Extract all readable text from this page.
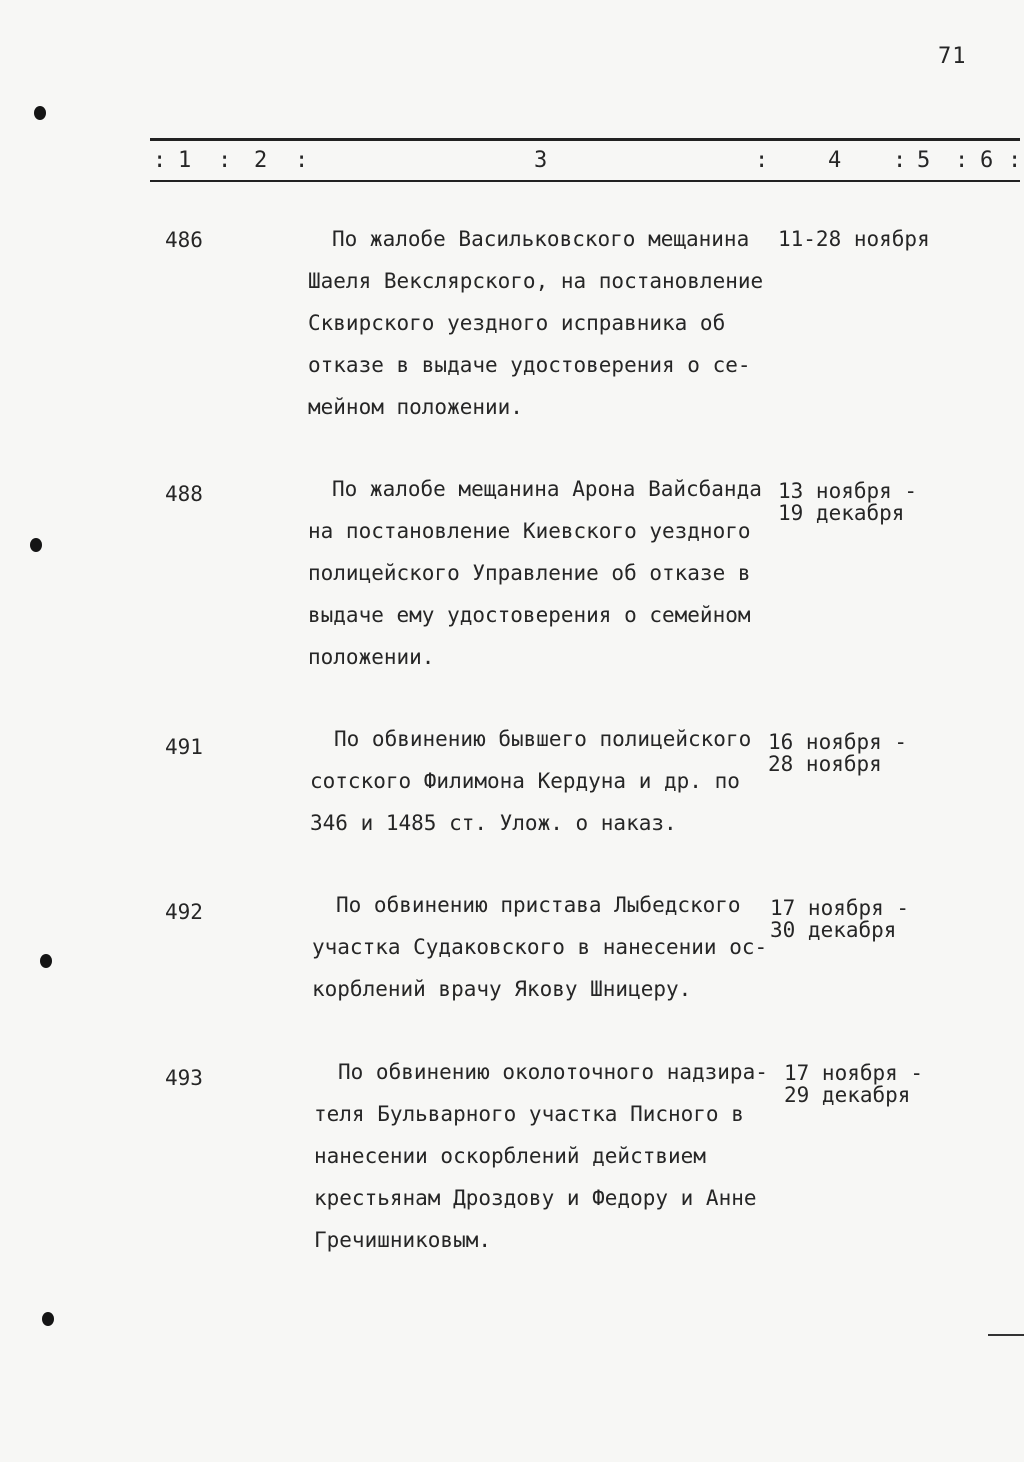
71
: 1 : 2 :	3	:	4 : 5 : 6 :
486	По жалобе Васильковского мещанина
Шаеля Векслярского, на постановление
Сквирского уездного исправника об
отказе в выдаче удостоверения о се-
мейном положении.
11-28 ноября
488	По жалобе мещанина Арона Вайсбанда
на постановление Киевского уездного
полицейского Управление об отказе в
выдаче ему удостоверения о семейном
положении.
13 ноября -
19 декабря
491	По обвинению бывшего полицейского
сотского Филимона Кердуна и др. по
346 и 1485 ст. Улож. о наказ.
16 ноября -
28 ноября
492	По обвинению пристава Лыбедского
участка Судаковского в нанесении ос-
корблений врачу Якову Шницеру.
17 ноября -
30 декабря
493	По обвинению околоточного надзира-
теля Бульварного участка Писного в
нанесении оскорблений действием
крестьянам Дроздову и Федору и Анне
Гречишниковым.
17 ноября -
29 декабря
